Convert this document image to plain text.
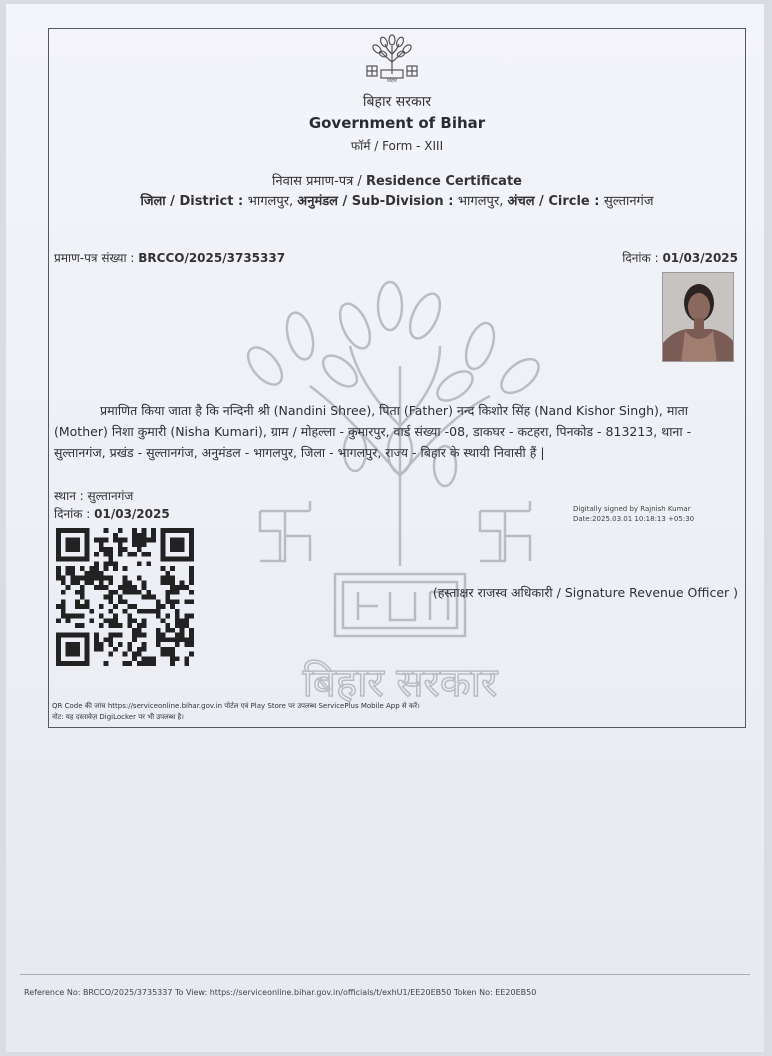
बिहार
बिहार सरकार
Government of Bihar
फॉर्म / Form - XIII
निवास प्रमाण-पत्र / Residence Certificate
जिला / District : भागलपुर, अनुमंडल / Sub-Division : भागलपुर, अंचल / Circle : सुल्तानगंज
प्रमाण-पत्र संख्या : BRCCO/2025/3735337	दिनांक : 01/03/2025
बिहार सरकार
प्रमाणित किया जाता है कि नन्दिनी श्री (Nandini Shree), पिता (Father) नन्द किशोर सिंह (Nand Kishor Singh), माता (Mother) निशा कुमारी (Nisha Kumari), ग्राम / मोहल्ला - कुमारपुर, वार्ड संख्या -08, डाकघर - कटहरा, पिनकोड - 813213, थाना - सुल्तानगंज, प्रखंड - सुल्तानगंज, अनुमंडल - भागलपुर, जिला - भागलपुर, राज्य - बिहार के स्थायी निवासी हैं |
स्थान : सुल्तानगंज
दिनांक : 01/03/2025	Digitally signed by Rajnish Kumar
Date:2025.03.01 10:18:13 +05:30
(हस्ताक्षर राजस्व अधिकारी / Signature Revenue Officer )
QR Code की जांच https://serviceonline.bihar.gov.in पोर्टल एवं Play Store पर उपलब्ध ServicePlus Mobile App से करें।
नोट: यह दस्तावेज़ DigiLocker पर भी उपलब्ध है।
Reference No: BRCCO/2025/3735337 To View: https://serviceonline.bihar.gov.in/officials/t/exhU1/EE20EB50 Token No: EE20EB50
